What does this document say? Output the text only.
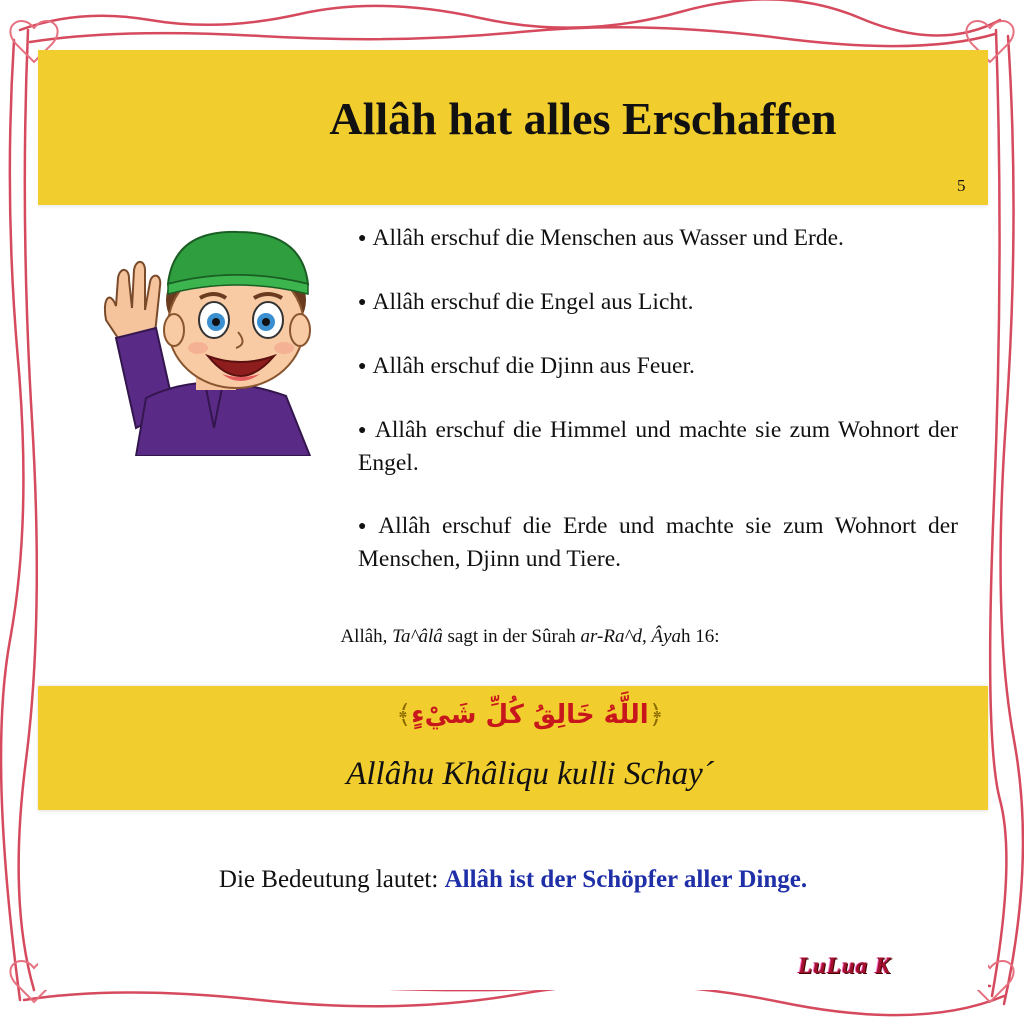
Allâh hat alles Erschaffen
5
● Allâh erschuf die Menschen aus Wasser und Erde.
● Allâh erschuf die Engel aus Licht.
● Allâh erschuf die Djinn aus Feuer.
● Allâh erschuf die Himmel und machte sie zum Wohnort der Engel.
● Allâh erschuf die Erde und machte sie zum Wohnort der Menschen, Djinn und Tiere.
Allâh, Ta^âlâ sagt in der Sûrah ar-Ra^d, Âyah 16:
﴿اللَّهُ خَالِقُ كُلِّ شَيْءٍ﴾
Allâhu Khâliqu kulli Schay´
Die Bedeutung lautet: Allâh ist der Schöpfer aller Dinge.
LuLua K
